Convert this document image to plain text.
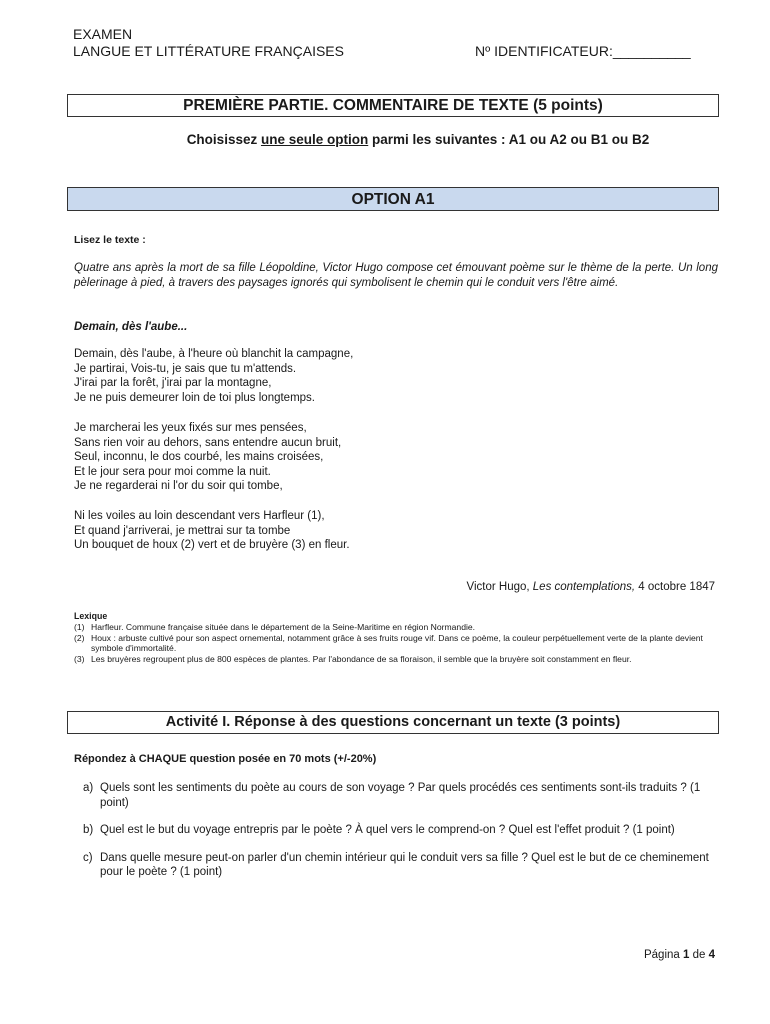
EXAMEN
LANGUE ET LITTÉRATURE FRANÇAISES	Nº IDENTIFICATEUR:__________
PREMIÈRE PARTIE. COMMENTAIRE DE TEXTE (5 points)
Choisissez une seule option parmi les suivantes : A1 ou A2 ou B1 ou B2
OPTION A1
Lisez le texte :
Quatre ans après la mort de sa fille Léopoldine, Victor Hugo compose cet émouvant poème sur le thème de la perte. Un long pèlerinage à pied, à travers des paysages ignorés qui symbolisent le chemin qui le conduit vers l'être aimé.
Demain, dès l'aube...
Demain, dès l'aube, à l'heure où blanchit la campagne,
Je partirai, Vois-tu, je sais que tu m'attends.
J'irai par la forêt, j'irai par la montagne,
Je ne puis demeurer loin de toi plus longtemps.
Je marcherai les yeux fixés sur mes pensées,
Sans rien voir au dehors, sans entendre aucun bruit,
Seul, inconnu, le dos courbé, les mains croisées,
Et le jour sera pour moi comme la nuit.
Je ne regarderai ni l'or du soir qui tombe,
Ni les voiles au loin descendant vers Harfleur (1),
Et quand j'arriverai, je mettrai sur ta tombe
Un bouquet de houx (2) vert et de bruyère (3) en fleur.
Victor Hugo, Les contemplations, 4 octobre 1847
Lexique
(1) Harfleur. Commune française située dans le département de la Seine-Maritime en région Normandie.
(2) Houx : arbuste cultivé pour son aspect ornemental, notamment grâce à ses fruits rouge vif. Dans ce poème, la couleur perpétuellement verte de la plante devient symbole d'immortalité.
(3) Les bruyères regroupent plus de 800 espèces de plantes. Par l'abondance de sa floraison, il semble que la bruyère soit constamment en fleur.
Activité I. Réponse à des questions concernant un texte (3 points)
Répondez à CHAQUE question posée en 70 mots (+/-20%)
a) Quels sont les sentiments du poète au cours de son voyage ? Par quels procédés ces sentiments sont-ils traduits ? (1 point)
b) Quel est le but du voyage entrepris par le poète ? À quel vers le comprend-on ? Quel est l'effet produit ? (1 point)
c) Dans quelle mesure peut-on parler d'un chemin intérieur qui le conduit vers sa fille ? Quel est le but de ce cheminement pour le poète ? (1 point)
Página 1 de 4
